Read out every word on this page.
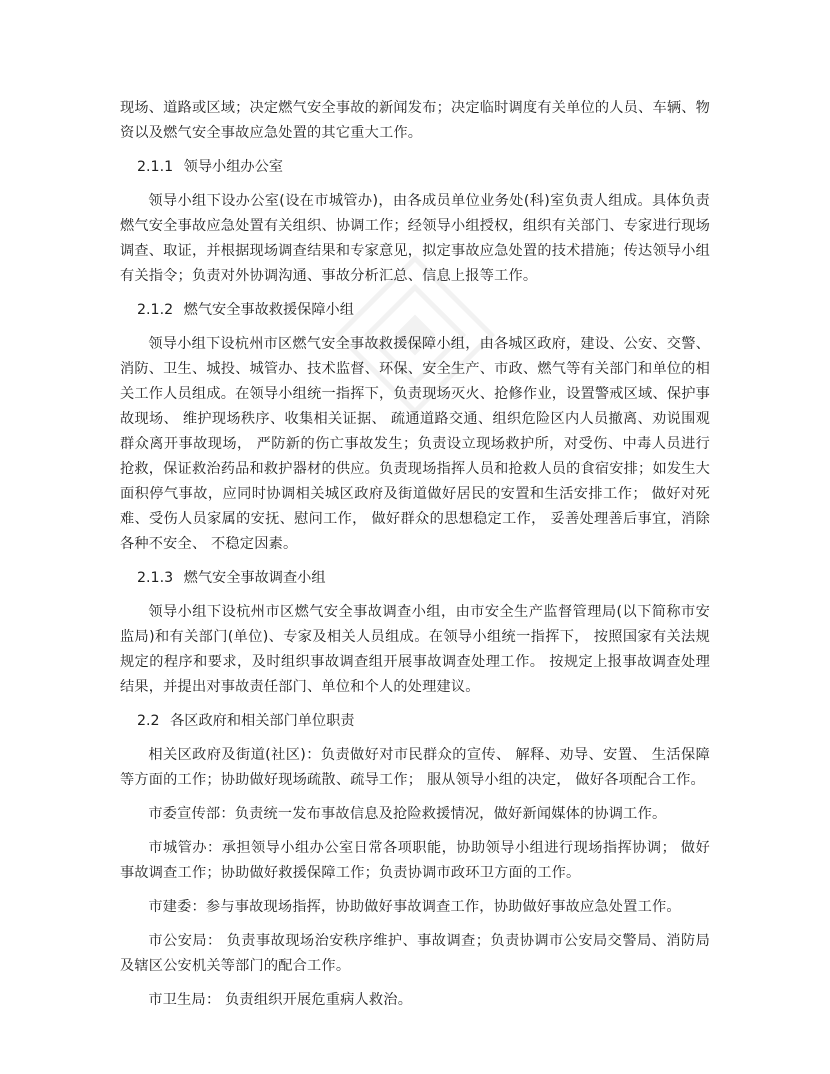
现场、道路或区域；决定燃气安全事故的新闻发布；决定临时调度有关单位的人员、车辆、物资以及燃气安全事故应急处置的其它重大工作。

2.1.1 领导小组办公室

领导小组下设办公室(设在市城管办)，由各成员单位业务处(科)室负责人组成。具体负责燃气安全事故应急处置有关组织、协调工作；经领导小组授权，组织有关部门、专家进行现场调查、取证，并根据现场调查结果和专家意见，拟定事故应急处置的技术措施；传达领导小组有关指令；负责对外协调沟通、事故分析汇总、信息上报等工作。

2.1.2 燃气安全事故救援保障小组

领导小组下设杭州市区燃气安全事故救援保障小组，由各城区政府，建设、公安、交警、 消防、卫生、城投、城管办、技术监督、环保、安全生产、市政、燃气等有关部门和单位的相关工作人员组成。在领导小组统一指挥下，负责现场灭火、抢修作业，设置警戒区域、保护事故现场、 维护现场秩序、收集相关证据、 疏通道路交通、组织危险区内人员撤离、劝说围观群众离开事故现场， 严防新的伤亡事故发生；负责设立现场救护所，对受伤、中毒人员进行抢救，保证救治药品和救护器材的供应。负责现场指挥人员和抢救人员的食宿安排；如发生大面积停气事故，应同时协调相关城区政府及街道做好居民的安置和生活安排工作； 做好对死难、受伤人员家属的安抚、慰问工作， 做好群众的思想稳定工作， 妥善处理善后事宜，消除各种不安全、 不稳定因素。

2.1.3 燃气安全事故调查小组

领导小组下设杭州市区燃气安全事故调查小组，由市安全生产监督管理局(以下简称市安监局)和有关部门(单位)、专家及相关人员组成。在领导小组统一指挥下， 按照国家有关法规规定的程序和要求，及时组织事故调查组开展事故调查处理工作。 按规定上报事故调查处理结果，并提出对事故责任部门、单位和个人的处理建议。

2.2 各区政府和相关部门单位职责

相关区政府及街道(社区)：负责做好对市民群众的宣传、 解释、劝导、安置、 生活保障等方面的工作；协助做好现场疏散、疏导工作； 服从领导小组的决定， 做好各项配合工作。

市委宣传部：负责统一发布事故信息及抢险救援情况，做好新闻媒体的协调工作。

市城管办：承担领导小组办公室日常各项职能，协助领导小组进行现场指挥协调； 做好事故调查工作；协助做好救援保障工作；负责协调市政环卫方面的工作。

市建委：参与事故现场指挥，协助做好事故调查工作，协助做好事故应急处置工作。

市公安局： 负责事故现场治安秩序维护、事故调查；负责协调市公安局交警局、消防局及辖区公安机关等部门的配合工作。

市卫生局： 负责组织开展危重病人救治。
